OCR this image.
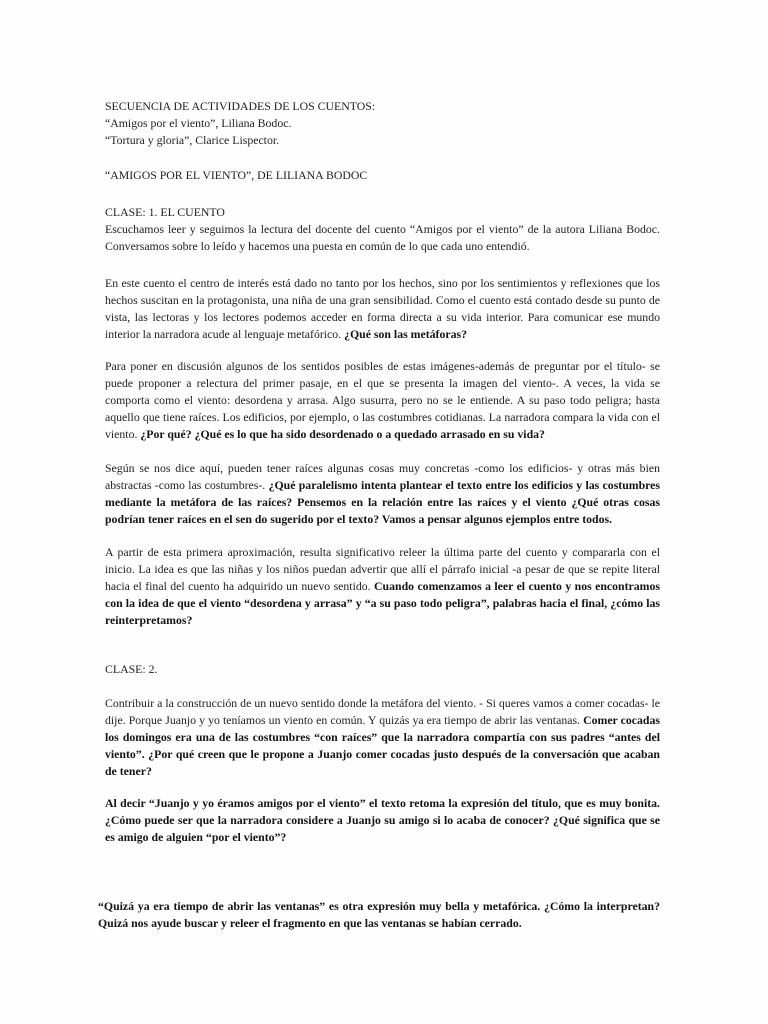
SECUENCIA DE ACTIVIDADES DE LOS CUENTOS:
“Amigos por el viento”, Liliana Bodoc.
“Tortura y gloria”, Clarice Lispector.

“AMIGOS POR EL VIENTO”, DE LILIANA BODOC

CLASE: 1. EL CUENTO
Escuchamos leer y seguimos la lectura del docente del cuento “Amigos por el viento” de la autora Liliana Bodoc. Conversamos sobre lo leído y hacemos una puesta en común de lo que cada uno entendió.

En este cuento el centro de interés está dado no tanto por los hechos, sino por los sentimientos y reflexiones que los hechos suscitan en la protagonista, una niña de una gran sensibilidad. Como el cuento está contado desde su punto de vista, las lectoras y los lectores podemos acceder en forma directa a su vida interior. Para comunicar ese mundo interior la narradora acude al lenguaje metafórico. ¿Qué son las metáforas?

Para poner en discusión algunos de los sentidos posibles de estas imágenes-además de preguntar por el título- se puede proponer a relectura del primer pasaje, en el que se presenta la imagen del viento-. A veces, la vida se comporta como el viento: desordena y arrasa. Algo susurra, pero no se le entiende. A su paso todo peligra; hasta aquello que tiene raíces. Los edificios, por ejemplo, o las costumbres cotidianas. La narradora compara la vida con el viento. ¿Por qué? ¿Qué es lo que ha sido desordenado o a quedado arrasado en su vida?

Según se nos dice aquí, pueden tener raíces algunas cosas muy concretas -como los edificios- y otras más bien abstractas -como las costumbres-. ¿Qué paralelismo intenta plantear el texto entre los edificios y las costumbres mediante la metáfora de las raíces? Pensemos en la relación entre las raíces y el viento ¿Qué otras cosas podrían tener raíces en el sen do sugerido por el texto? Vamos a pensar algunos ejemplos entre todos.

A partir de esta primera aproximación, resulta significativo releer la última parte del cuento y compararla con el inicio. La idea es que las niñas y los niños puedan advertir que allí el párrafo inicial -a pesar de que se repite literal hacia el final del cuento ha adquirido un nuevo sentido. Cuando comenzamos a leer el cuento y nos encontramos con la idea de que el viento “desordena y arrasa” y “a su paso todo peligra”, palabras hacia el final, ¿cómo las reinterpretamos?

CLASE: 2.

Contribuir a la construcción de un nuevo sentido donde la metáfora del viento. - Si queres vamos a comer cocadas- le dije. Porque Juanjo y yo teníamos un viento en común. Y quizás ya era tiempo de abrir las ventanas. Comer cocadas los domingos era una de las costumbres “con raíces” que la narradora compartía con sus padres “antes del viento”. ¿Por qué creen que le propone a Juanjo comer cocadas justo después de la conversación que acaban de tener?

Al decir “Juanjo y yo éramos amigos por el viento” el texto retoma la expresión del título, que es muy bonita. ¿Cómo puede ser que la narradora considere a Juanjo su amigo si lo acaba de conocer? ¿Qué significa que se es amigo de alguien “por el viento”?

“Quizá ya era tiempo de abrir las ventanas” es otra expresión muy bella y metafórica. ¿Cómo la interpretan? Quizá nos ayude buscar y releer el fragmento en que las ventanas se habían cerrado.
